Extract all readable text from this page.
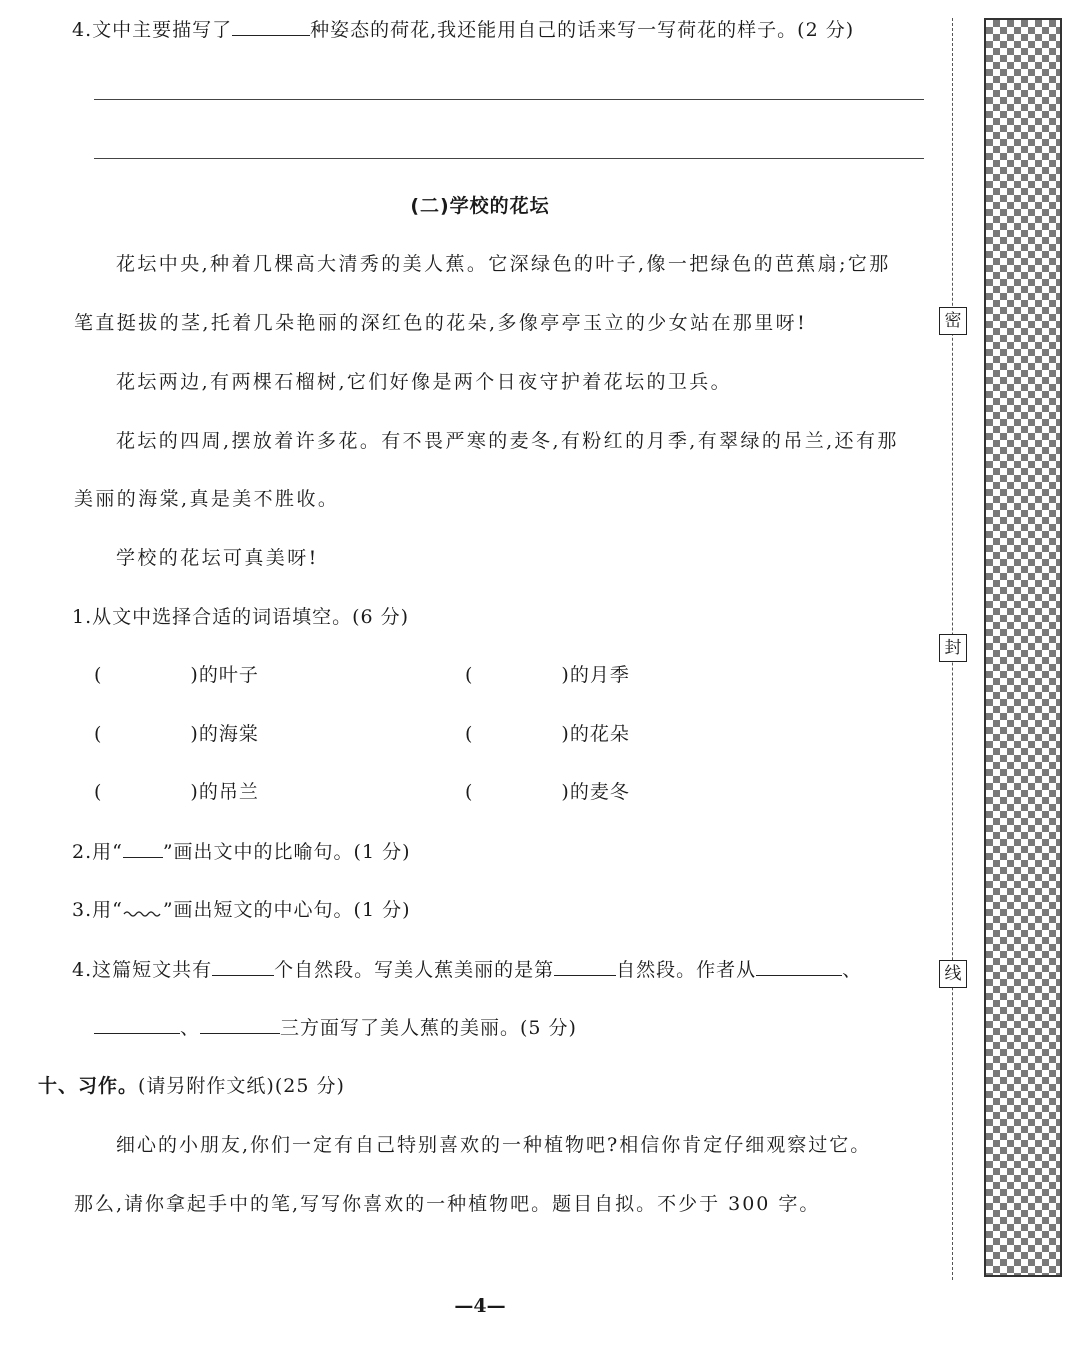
4.文中主要描写了	种姿态的荷花,我还能用自己的话来写一写荷花的样子。(2 分)
(二)学校的花坛
花坛中央,种着几棵高大清秀的美人蕉。它深绿色的叶子,像一把绿色的芭蕉扇;它那
笔直挺拔的茎,托着几朵艳丽的深红色的花朵,多像亭亭玉立的少女站在那里呀!
花坛两边,有两棵石榴树,它们好像是两个日夜守护着花坛的卫兵。
花坛的四周,摆放着许多花。有不畏严寒的麦冬,有粉红的月季,有翠绿的吊兰,还有那
美丽的海棠,真是美不胜收。
学校的花坛可真美呀!
1.从文中选择合适的词语填空。(6 分)
(	)的叶子	(	)的月季
(	)的海棠	(	)的花朵
(	)的吊兰	(	)的麦冬
2.用“ ”画出文中的比喻句。(1 分)
3.用“ ”画出短文的中心句。(1 分)
4.这篇短文共有	个自然段。写美人蕉美丽的是第	自然段。作者从	、
、	三方面写了美人蕉的美丽。(5 分)
十、习作。(请另附作文纸)(25 分)
细心的小朋友,你们一定有自己特别喜欢的一种植物吧?相信你肯定仔细观察过它。
那么,请你拿起手中的笔,写写你喜欢的一种植物吧。题目自拟。不少于 300 字。
密
封
线
—4—
